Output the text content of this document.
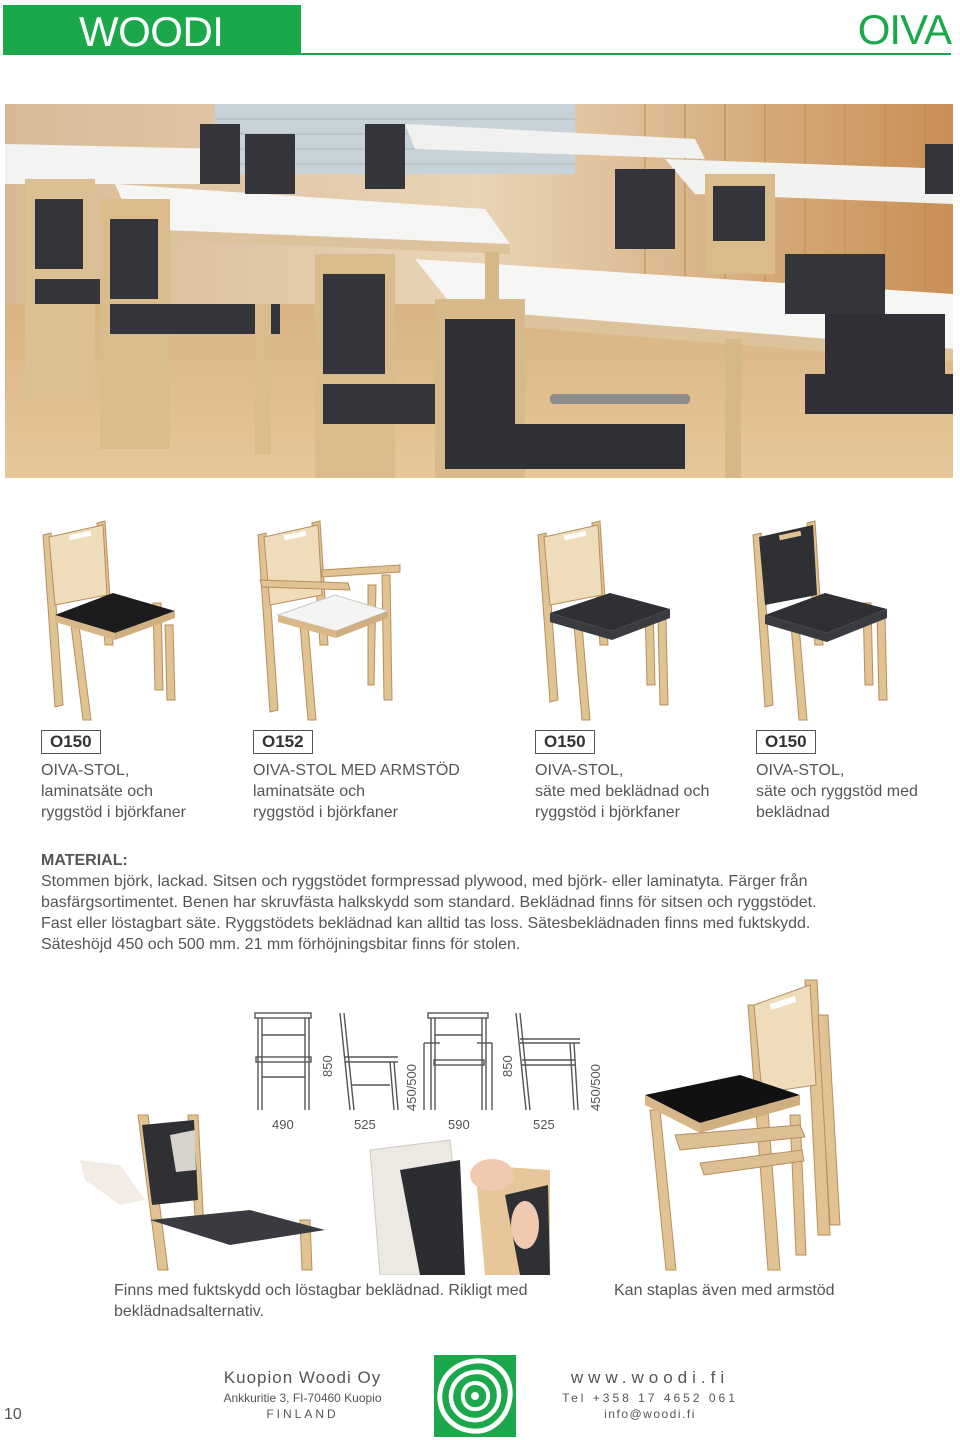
WOODI	OIVA
O150
OIVA-STOL,
laminatsäte och
ryggstöd i björkfaner
O152
OIVA-STOL MED ARMSTÖD
laminatsäte och
ryggstöd i björkfaner
O150
OIVA-STOL,
säte med beklädnad och
ryggstöd i björkfaner
O150
OIVA-STOL,
säte och ryggstöd med
beklädnad

MATERIAL:

Stommen björk, lackad. Sitsen och ryggstödet formpressad plywood, med björk- eller laminatyta. Färger från

basfärgsortimentet. Benen har skruvfästa halkskydd som standard. Beklädnad finns för sitsen och ryggstödet.

Fast eller löstagbart säte. Ryggstödets beklädnad kan alltid tas loss. Sätesbeklädnaden finns med fuktskydd.

Säteshöjd 450 och 500 mm. 21 mm förhöjningsbitar finns för stolen.

490	525	590	525
850	450/500	850	450/500
Finns med fuktskydd och löstagbar beklädnad. Rikligt med beklädnadsalternativ.
Kan staplas även med armstöd
10
Kuopion Woodi Oy
Ankkuritie 3, FI-70460 Kuopio
FINLAND
www.woodi.fi
Tel +358 17 4652 061
info@woodi.fi
